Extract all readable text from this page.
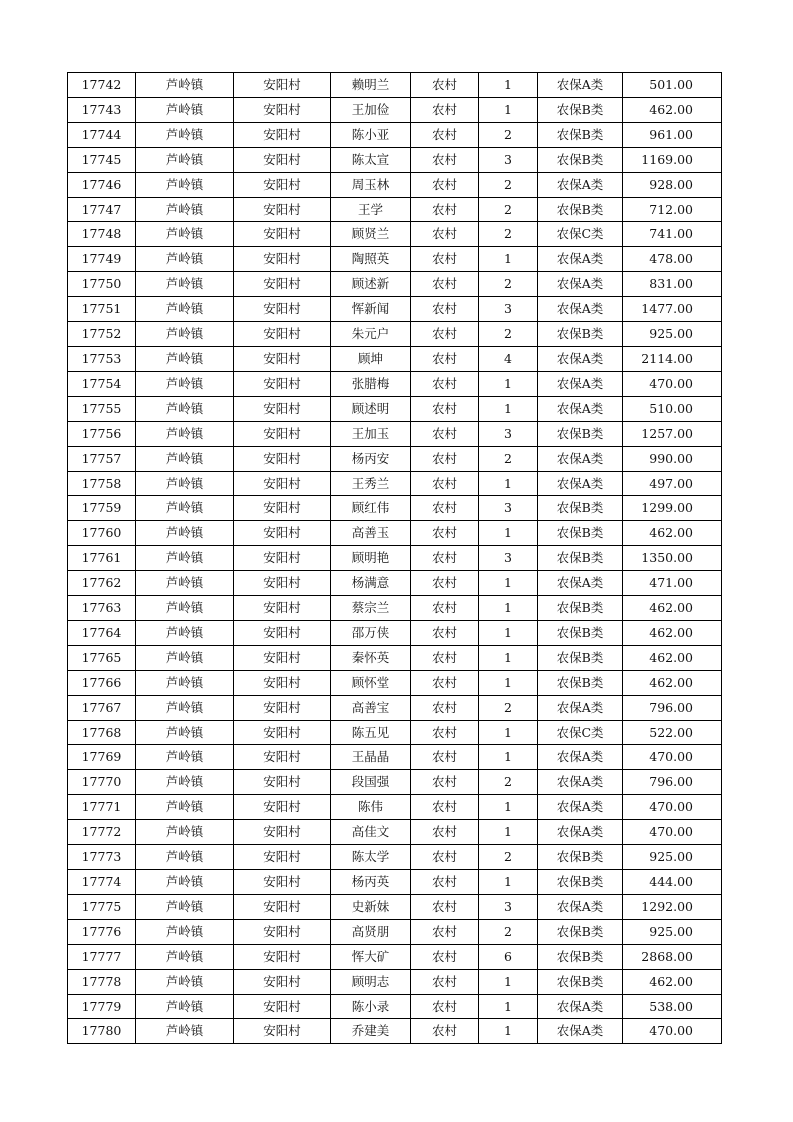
17742	芦岭镇	安阳村	赖明兰	农村	1	农保A类	501.00
17743	芦岭镇	安阳村	王加俭	农村	1	农保B类	462.00
17744	芦岭镇	安阳村	陈小亚	农村	2	农保B类	961.00
17745	芦岭镇	安阳村	陈太宣	农村	3	农保B类	1169.00
17746	芦岭镇	安阳村	周玉林	农村	2	农保A类	928.00
17747	芦岭镇	安阳村	王学	农村	2	农保B类	712.00
17748	芦岭镇	安阳村	顾贤兰	农村	2	农保C类	741.00
17749	芦岭镇	安阳村	陶照英	农村	1	农保A类	478.00
17750	芦岭镇	安阳村	顾述新	农村	2	农保A类	831.00
17751	芦岭镇	安阳村	恽新闻	农村	3	农保A类	1477.00
17752	芦岭镇	安阳村	朱元户	农村	2	农保B类	925.00
17753	芦岭镇	安阳村	顾坤	农村	4	农保A类	2114.00
17754	芦岭镇	安阳村	张腊梅	农村	1	农保A类	470.00
17755	芦岭镇	安阳村	顾述明	农村	1	农保A类	510.00
17756	芦岭镇	安阳村	王加玉	农村	3	农保B类	1257.00
17757	芦岭镇	安阳村	杨丙安	农村	2	农保A类	990.00
17758	芦岭镇	安阳村	王秀兰	农村	1	农保A类	497.00
17759	芦岭镇	安阳村	顾红伟	农村	3	农保B类	1299.00
17760	芦岭镇	安阳村	高善玉	农村	1	农保B类	462.00
17761	芦岭镇	安阳村	顾明艳	农村	3	农保B类	1350.00
17762	芦岭镇	安阳村	杨满意	农村	1	农保A类	471.00
17763	芦岭镇	安阳村	蔡宗兰	农村	1	农保B类	462.00
17764	芦岭镇	安阳村	邵万侠	农村	1	农保B类	462.00
17765	芦岭镇	安阳村	秦怀英	农村	1	农保B类	462.00
17766	芦岭镇	安阳村	顾怀堂	农村	1	农保B类	462.00
17767	芦岭镇	安阳村	高善宝	农村	2	农保A类	796.00
17768	芦岭镇	安阳村	陈五见	农村	1	农保C类	522.00
17769	芦岭镇	安阳村	王晶晶	农村	1	农保A类	470.00
17770	芦岭镇	安阳村	段国强	农村	2	农保A类	796.00
17771	芦岭镇	安阳村	陈伟	农村	1	农保A类	470.00
17772	芦岭镇	安阳村	高佳文	农村	1	农保A类	470.00
17773	芦岭镇	安阳村	陈太学	农村	2	农保B类	925.00
17774	芦岭镇	安阳村	杨丙英	农村	1	农保B类	444.00
17775	芦岭镇	安阳村	史新妹	农村	3	农保A类	1292.00
17776	芦岭镇	安阳村	高贤朋	农村	2	农保B类	925.00
17777	芦岭镇	安阳村	恽大矿	农村	6	农保B类	2868.00
17778	芦岭镇	安阳村	顾明志	农村	1	农保B类	462.00
17779	芦岭镇	安阳村	陈小录	农村	1	农保A类	538.00
17780	芦岭镇	安阳村	乔建美	农村	1	农保A类	470.00
